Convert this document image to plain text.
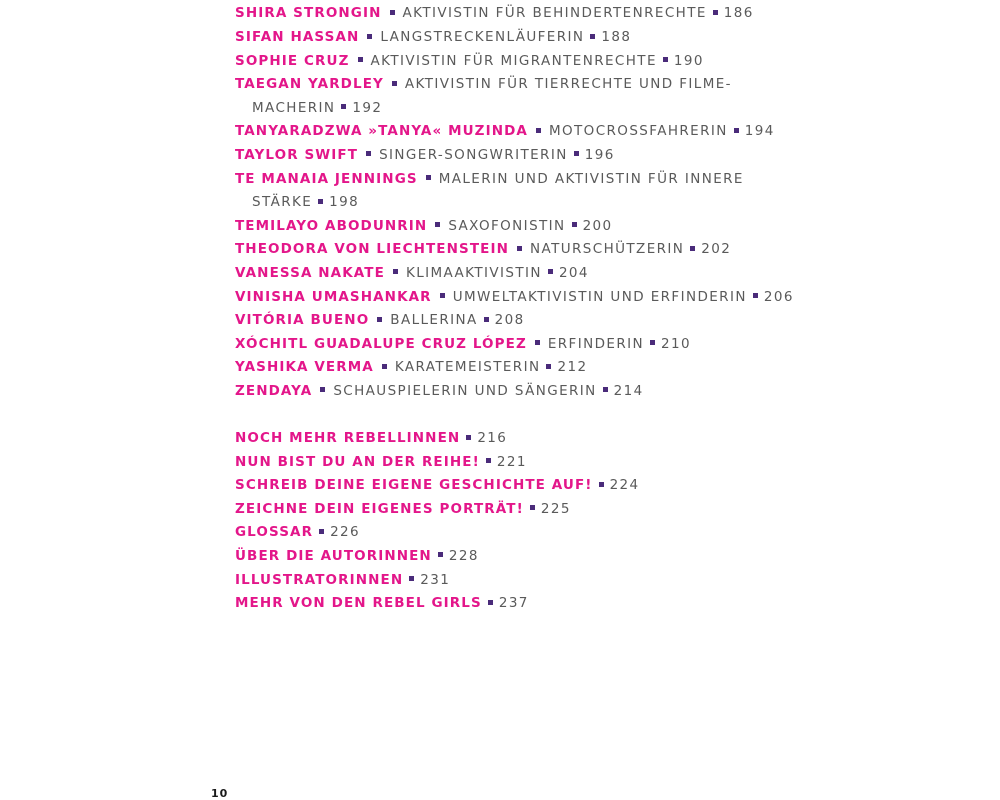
SHIRA STRONGIN AKTIVISTIN FÜR BEHINDERTENRECHTE 186
SIFAN HASSAN LANGSTRECKENLÄUFERIN 188
SOPHIE CRUZ AKTIVISTIN FÜR MIGRANTENRECHTE 190
TAEGAN YARDLEY AKTIVISTIN FÜR TIERRECHTE UND FILME-
MACHERIN 192
TANYARADZWA »TANYA« MUZINDA MOTOCROSSFAHRERIN 194
TAYLOR SWIFT SINGER-SONGWRITERIN 196
TE MANAIA JENNINGS MALERIN UND AKTIVISTIN FÜR INNERE
STÄRKE 198
TEMILAYO ABODUNRIN SAXOFONISTIN 200
THEODORA VON LIECHTENSTEIN NATURSCHÜTZERIN 202
VANESSA NAKATE KLIMAAKTIVISTIN 204
VINISHA UMASHANKAR UMWELTAKTIVISTIN UND ERFINDERIN 206
VITÓRIA BUENO BALLERINA 208
XÓCHITL GUADALUPE CRUZ LÓPEZ ERFINDERIN 210
YASHIKA VERMA KARATEMEISTERIN 212
ZENDAYA SCHAUSPIELERIN UND SÄNGERIN 214
NOCH MEHR REBELLINNEN 216
NUN BIST DU AN DER REIHE! 221
SCHREIB DEINE EIGENE GESCHICHTE AUF! 224
ZEICHNE DEIN EIGENES PORTRÄT! 225
GLOSSAR 226
ÜBER DIE AUTORINNEN 228
ILLUSTRATORINNEN 231
MEHR VON DEN REBEL GIRLS 237
10
